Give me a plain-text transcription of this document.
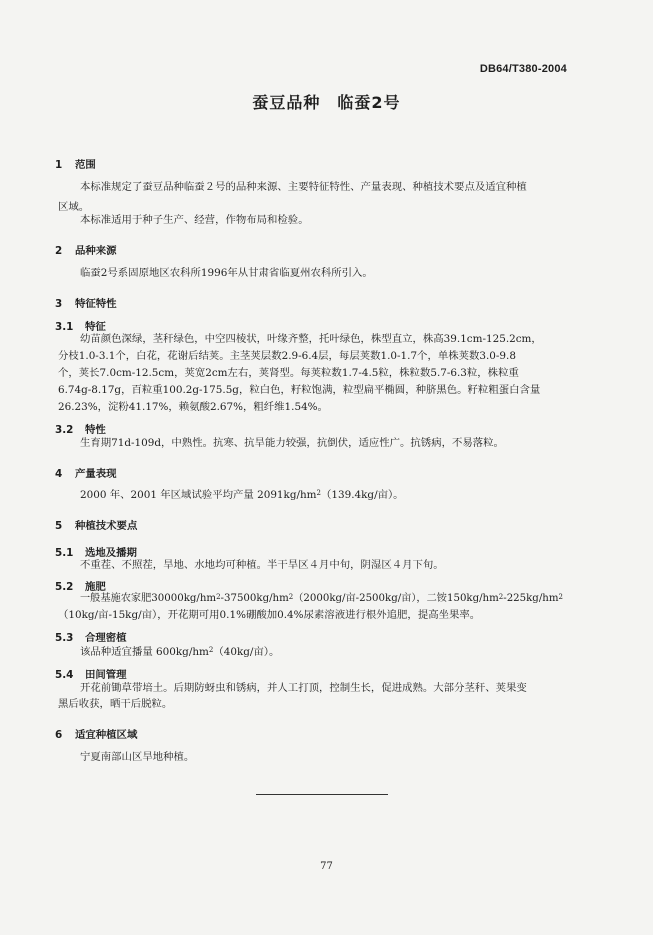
DB64/T380-2004
蚕豆品种　临蚕2号
1 范围
本标准规定了蚕豆品种临蚕２号的品种来源、主要特征特性、产量表现、种植技术要点及适宜种植
区域。
本标准适用于种子生产、经营，作物布局和检验。
2 品种来源
临蚕2号系固原地区农科所1996年从甘肃省临夏州农科所引入。
3 特征特性
3.1 特征
幼苗颜色深绿，茎秆绿色，中空四棱状，叶缘齐整，托叶绿色，株型直立，株高39.1cm-125.2cm，
分枝1.0-3.1个，白花，花谢后结荚。主茎荚层数2.9-6.4层，每层荚数1.0-1.7个，单株荚数3.0-9.8
个，荚长7.0cm-12.5cm，荚宽2cm左右，荚肾型。每荚粒数1.7-4.5粒，株粒数5.7-6.3粒，株粒重
6.74g-8.17g，百粒重100.2g-175.5g，粒白色，籽粒饱满，粒型扁平椭圆，种脐黑色。籽粒粗蛋白含量
26.23%，淀粉41.17%，赖氨酸2.67%，粗纤维1.54%。
3.2 特性
生育期71d-109d，中熟性。抗寒、抗旱能力较强，抗倒伏，适应性广。抗锈病，不易落粒。
4 产量表现
2000 年、2001 年区域试验平均产量 $2091kg/hm^2(139.4kg/$亩）。
5 种植技术要点
5.1 选地及播期
不重茬、不照茬，旱地、水地均可种植。半干旱区４月中旬，阴湿区４月下旬。
5.2 施肥
一般基施农家肥$30000kg/hm^2-37500kg/hm^2(2000kg/$亩-2500kg/亩），二铵$150kg/hm^2-225kg/hm^2$
（10kg/亩-15kg/亩），开花期可用0.1%硼酸加0.4%尿素溶液进行根外追肥，提高坐果率。
5.3 合理密植
该品种适宜播量 $600kg/hm^2(40kg/$亩）。
5.4 田间管理
开花前锄草带培土。后期防蚜虫和锈病，并人工打顶，控制生长，促进成熟。大部分茎秆、荚果变
黑后收获，晒干后脱粒。
6 适宜种植区域
宁夏南部山区旱地种植。
77
